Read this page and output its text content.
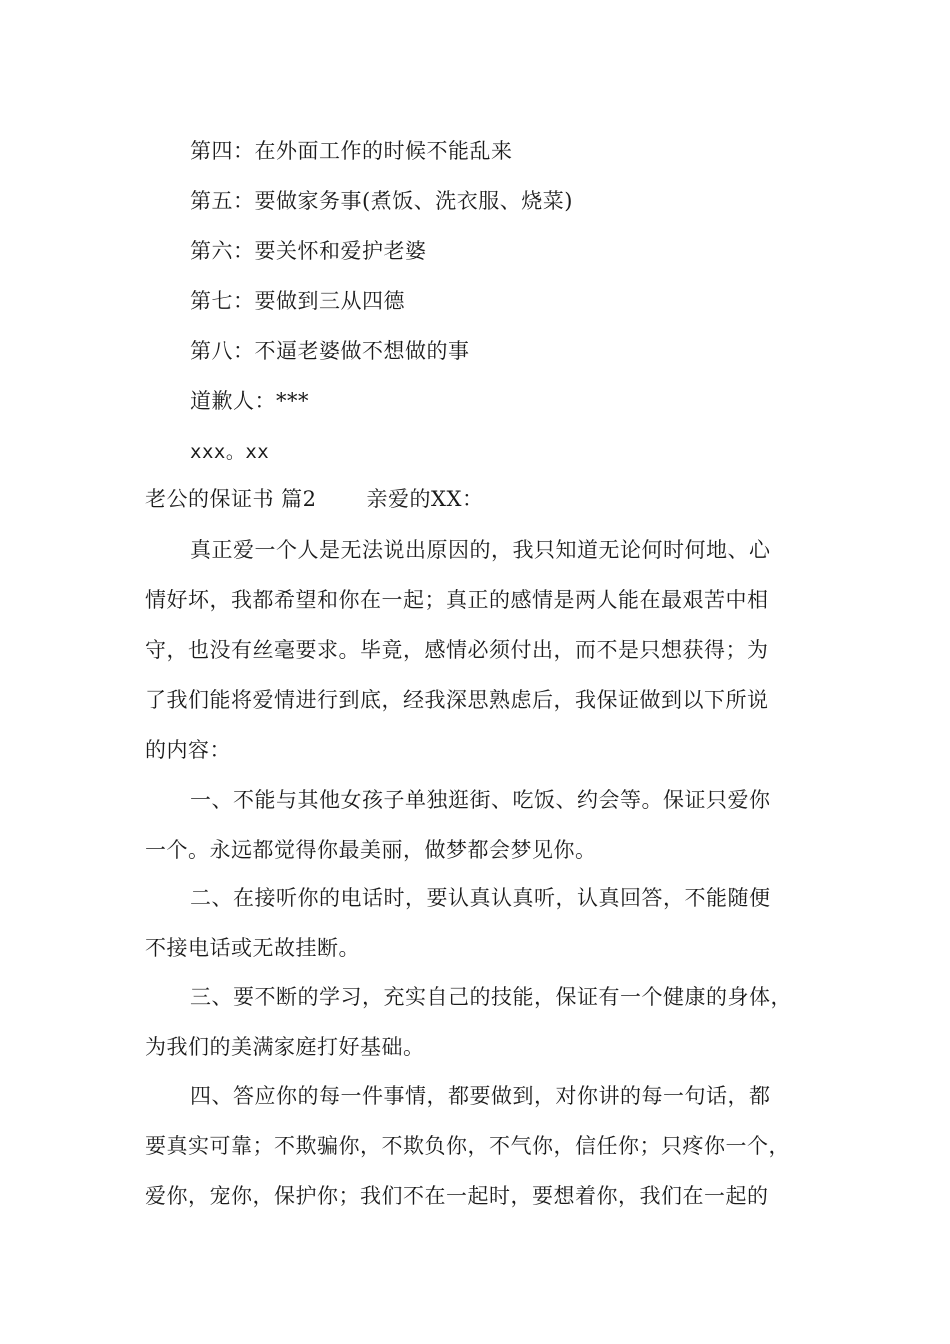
第四：在外面工作的时候不能乱来
第五：要做家务事(煮饭、洗衣服、烧菜)
第六：要关怀和爱护老婆
第七：要做到三从四德
第八：不逼老婆做不想做的事
道歉人：***
xxx。xx
老公的保证书 篇2 亲爱的XX：
真正爱一个人是无法说出原因的，我只知道无论何时何地、心
情好坏，我都希望和你在一起；真正的感情是两人能在最艰苦中相
守，也没有丝毫要求。毕竟，感情必须付出，而不是只想获得；为
了我们能将爱情进行到底，经我深思熟虑后，我保证做到以下所说
的内容：
一、不能与其他女孩子单独逛街、吃饭、约会等。保证只爱你
一个。永远都觉得你最美丽，做梦都会梦见你。
二、在接听你的电话时，要认真认真听，认真回答，不能随便
不接电话或无故挂断。
三、要不断的学习，充实自己的技能，保证有一个健康的身体，
为我们的美满家庭打好基础。
四、答应你的每一件事情，都要做到，对你讲的每一句话，都
要真实可靠；不欺骗你，不欺负你，不气你，信任你；只疼你一个，
爱你，宠你，保护你；我们不在一起时，要想着你，我们在一起的
